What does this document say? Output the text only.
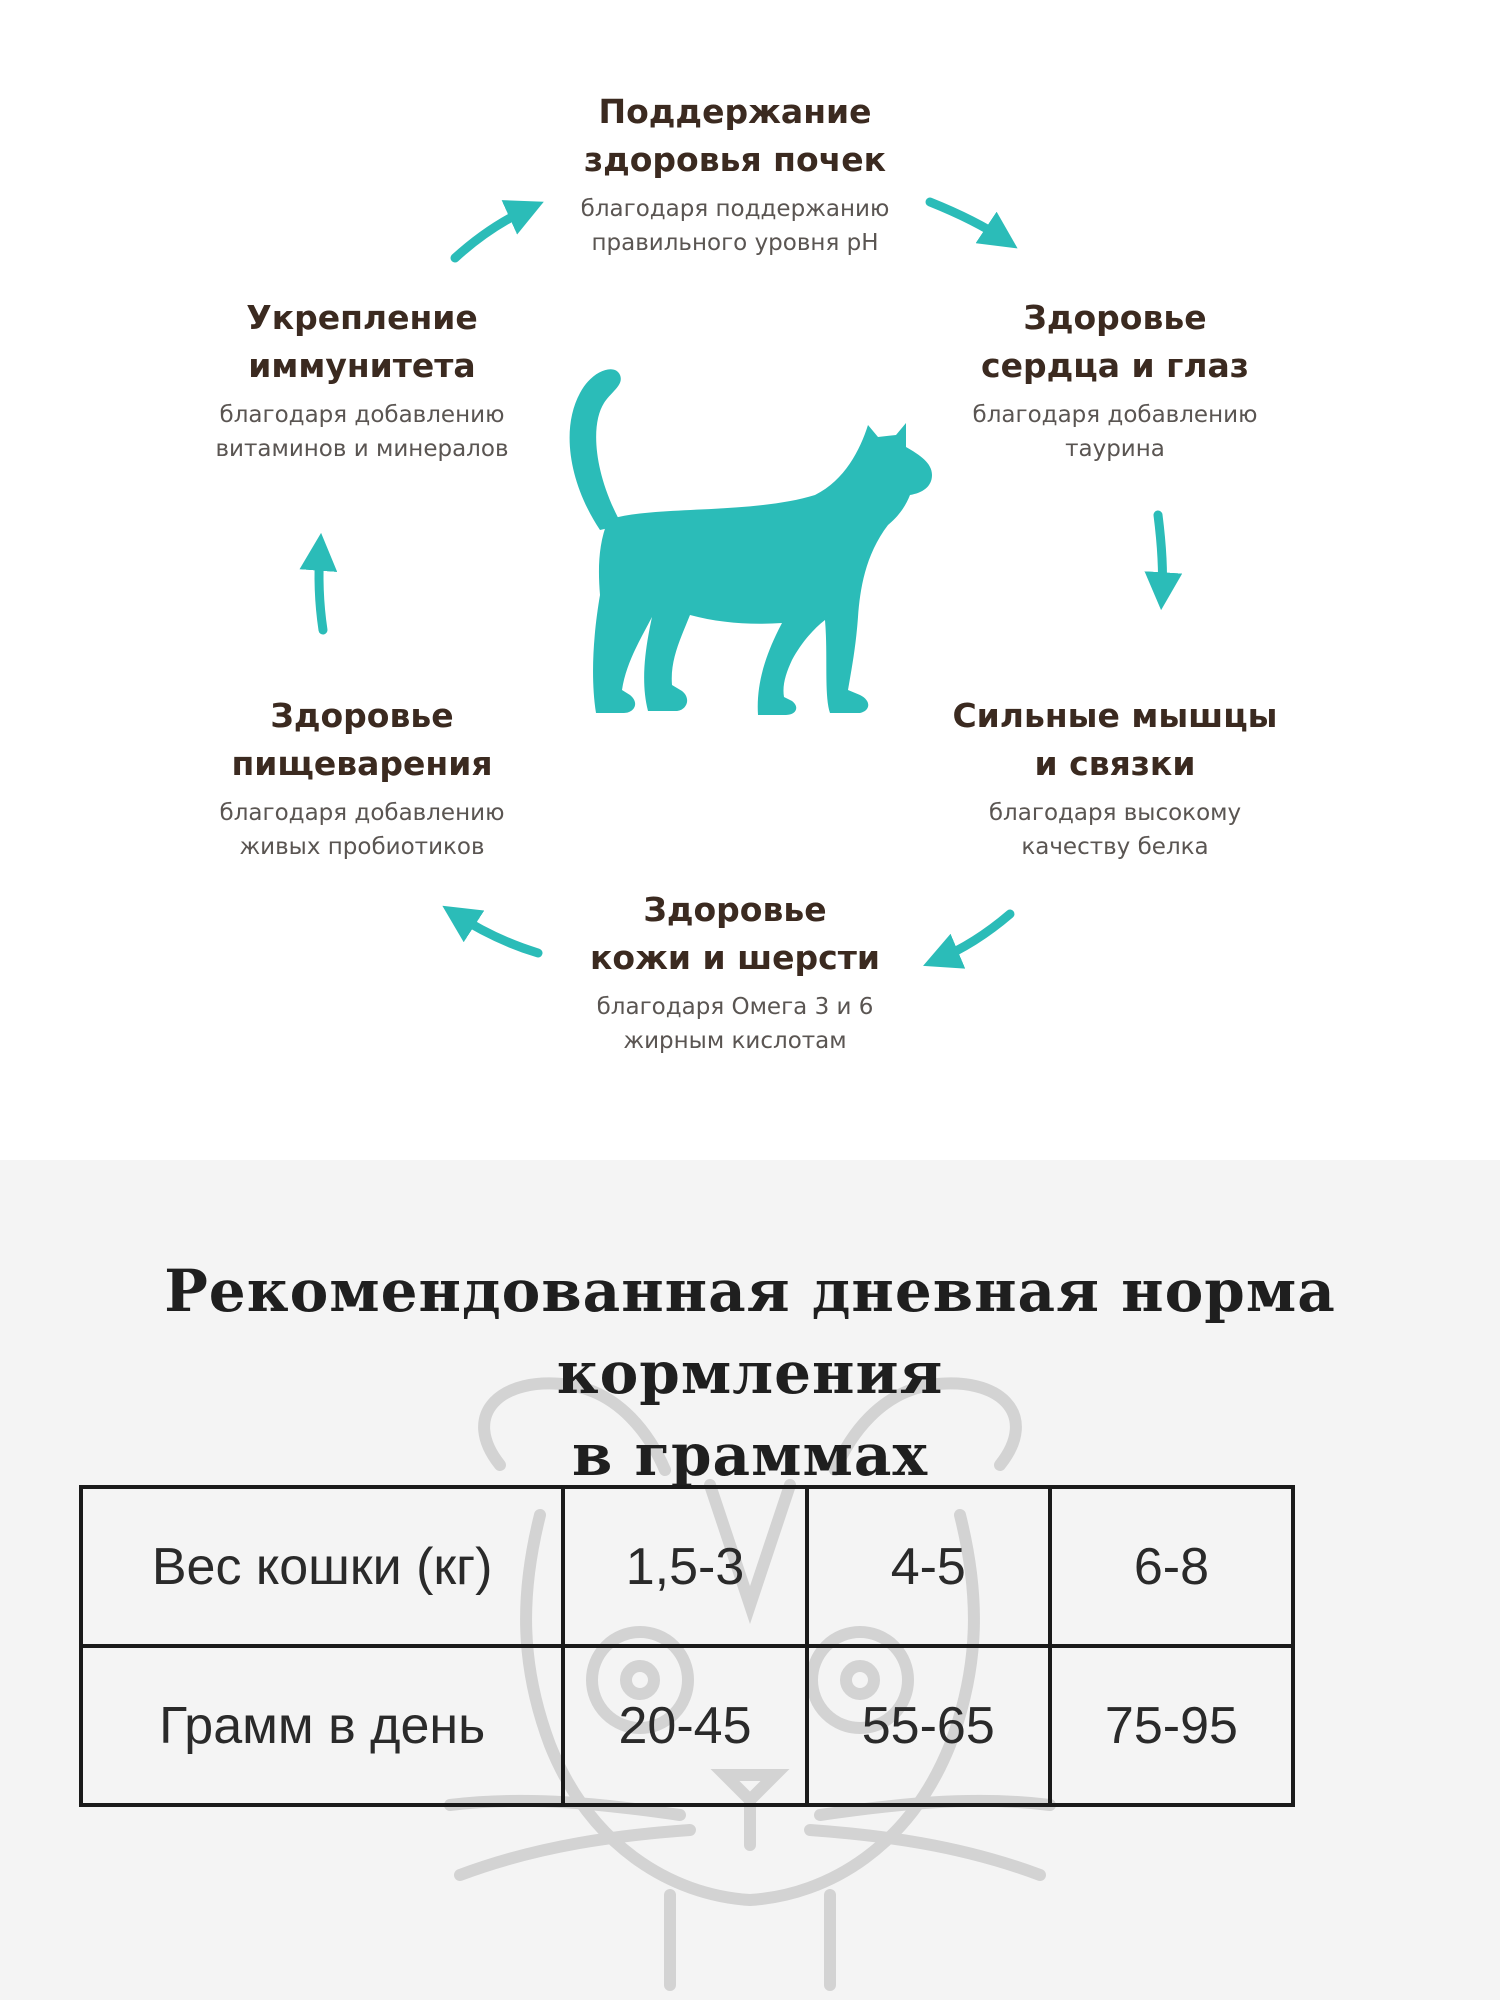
Поддержание
здоровья почек
благодаря поддержанию
правильного уровня pH
Здоровье
сердца и глаз
благодаря добавлению
таурина
Сильные мышцы
и связки
благодаря высокому
качеству белка
Здоровье
кожи и шерсти
благодаря Омега 3 и 6
жирным кислотам
Здоровье
пищеварения
благодаря добавлению
живых пробиотиков
Укрепление
иммунитета
благодаря добавлению
витаминов и минералов
Рекомендованная дневная норма кормления
в граммах
Вес кошки (кг)	1,5-3	4-5	6-8
Грамм в день	20-45	55-65	75-95
